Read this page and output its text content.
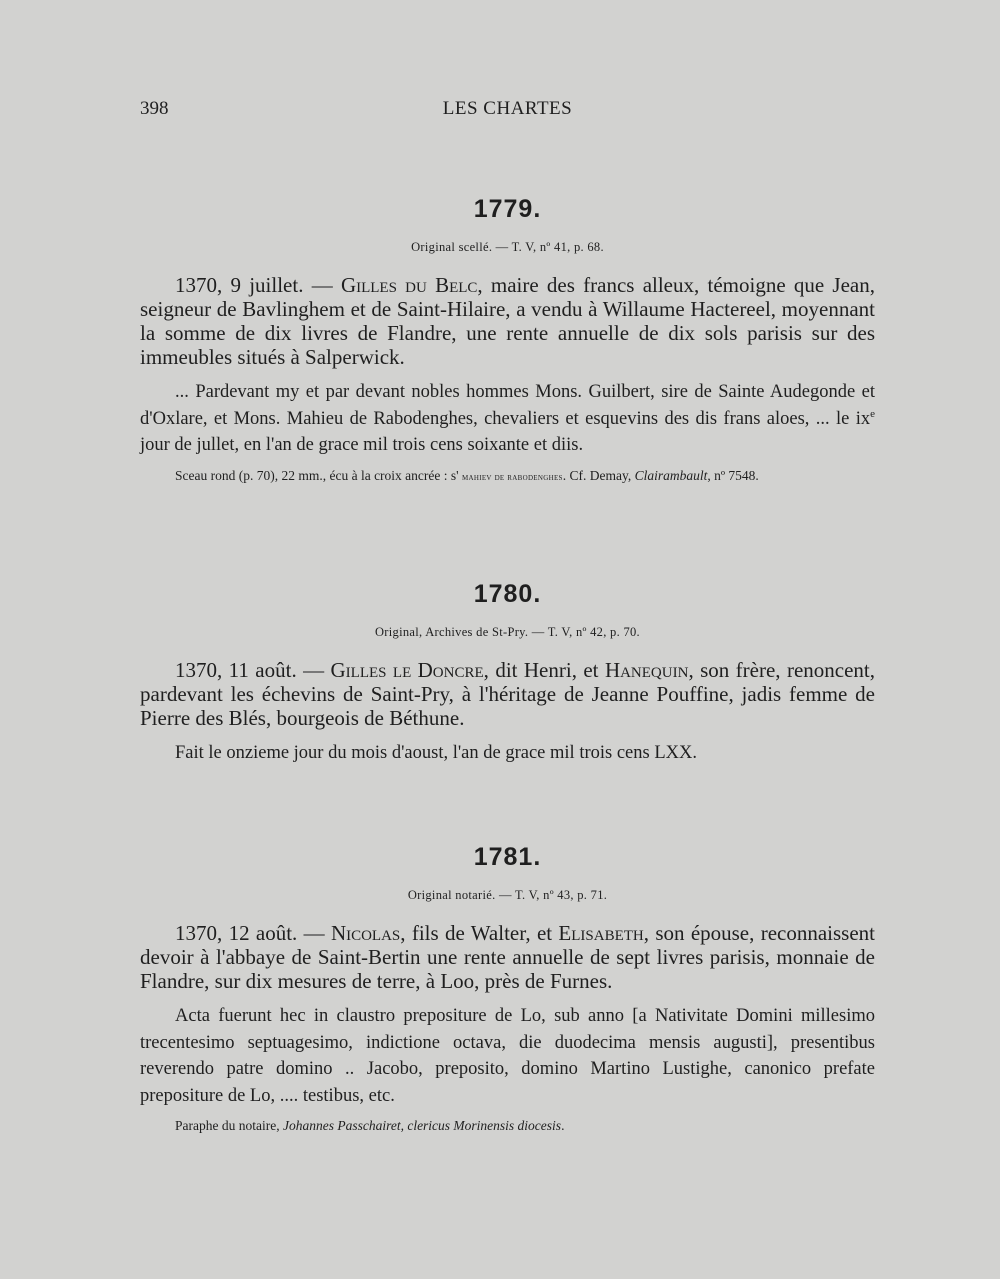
398	LES CHARTES
1779.

Original scellé. — T. V, nº 41, p. 68.

1370, 9 juillet. — Gilles du Belc, maire des francs alleux, témoigne que Jean, seigneur de Bavlinghem et de Saint-Hilaire, a vendu à Willaume Hactereel, moyennant la somme de dix livres de Flandre, une rente annuelle de dix sols parisis sur des immeubles situés à Salperwick.

... Pardevant my et par devant nobles hommes Mons. Guilbert, sire de Sainte Audegonde et d'Oxlare, et Mons. Mahieu de Rabodenghes, chevaliers et esquevins des dis frans aloes, ... le $ix^e$ jour de jullet, en l'an de grace mil trois cens soixante et diis.

Sceau rond (p. 70), 22 mm., écu à la croix ancrée : s' mahiev de rabodenghes. Cf. Demay, Clairambault, nº 7548.

1780.

Original, Archives de St-Pry. — T. V, nº 42, p. 70.

1370, 11 août. — Gilles le Doncre, dit Henri, et Hanequin, son frère, renoncent, pardevant les échevins de Saint-Pry, à l'héritage de Jeanne Pouffine, jadis femme de Pierre des Blés, bourgeois de Béthune.

Fait le onzieme jour du mois d'aoust, l'an de grace mil trois cens LXX.

1781.

Original notarié. — T. V, nº 43, p. 71.

1370, 12 août. — Nicolas, fils de Walter, et Elisabeth, son épouse, reconnaissent devoir à l'abbaye de Saint-Bertin une rente annuelle de sept livres parisis, monnaie de Flandre, sur dix mesures de terre, à Loo, près de Furnes.

Acta fuerunt hec in claustro prepositure de Lo, sub anno [a Nativitate Domini millesimo trecentesimo septuagesimo, indictione octava, die duodecima mensis augusti], presentibus reverendo patre domino .. Jacobo, preposito, domino Martino Lustighe, canonico prefate prepositure de Lo, .... testibus, etc.

Paraphe du notaire, Johannes Passchairet, clericus Morinensis diocesis.
